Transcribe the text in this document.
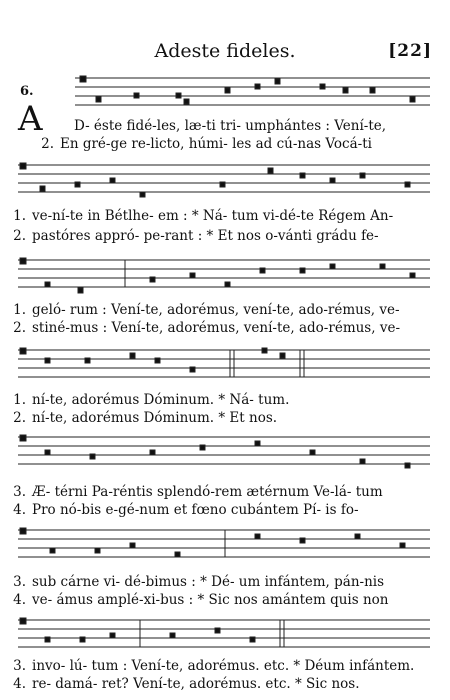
Adeste fideles.	[22]
6.
A D- éste fidé-les, læ-ti tri- umphántes : Vení-te,
2. En gré-ge re-licto, húmi- les ad cú-nas Vocá-ti
1. ve-ní-te in Bétlhe- em : * Ná- tum vi-dé-te Régem An-
2. pastóres appró- pe-rant : * Et nos o-vánti grádu fe-
1. geló- rum : Vení-te, adorémus, vení-te, ado-rémus, ve-
2. stiné-mus : Vení-te, adorémus, vení-te, ado-rémus, ve-
1. ní-te, adorémus Dóminum. * Ná- tum.
2. ní-te, adorémus Dóminum. * Et nos.
3. Æ- térni Pa-réntis splendó-rem ætérnum Ve-lá- tum
4. Pro nó-bis e-gé-num et fœno cubántem Pí- is fo-
3. sub cárne vi- dé-bimus : * Dé- um infántem, pán-nis
4. ve- ámus amplé-xi-bus : * Sic nos amántem quis non
3. invo- lú- tum : Vení-te, adorémus. etc. * Déum infántem.
4. re- damá- ret? Vení-te, adorémus. etc. * Sic nos.
